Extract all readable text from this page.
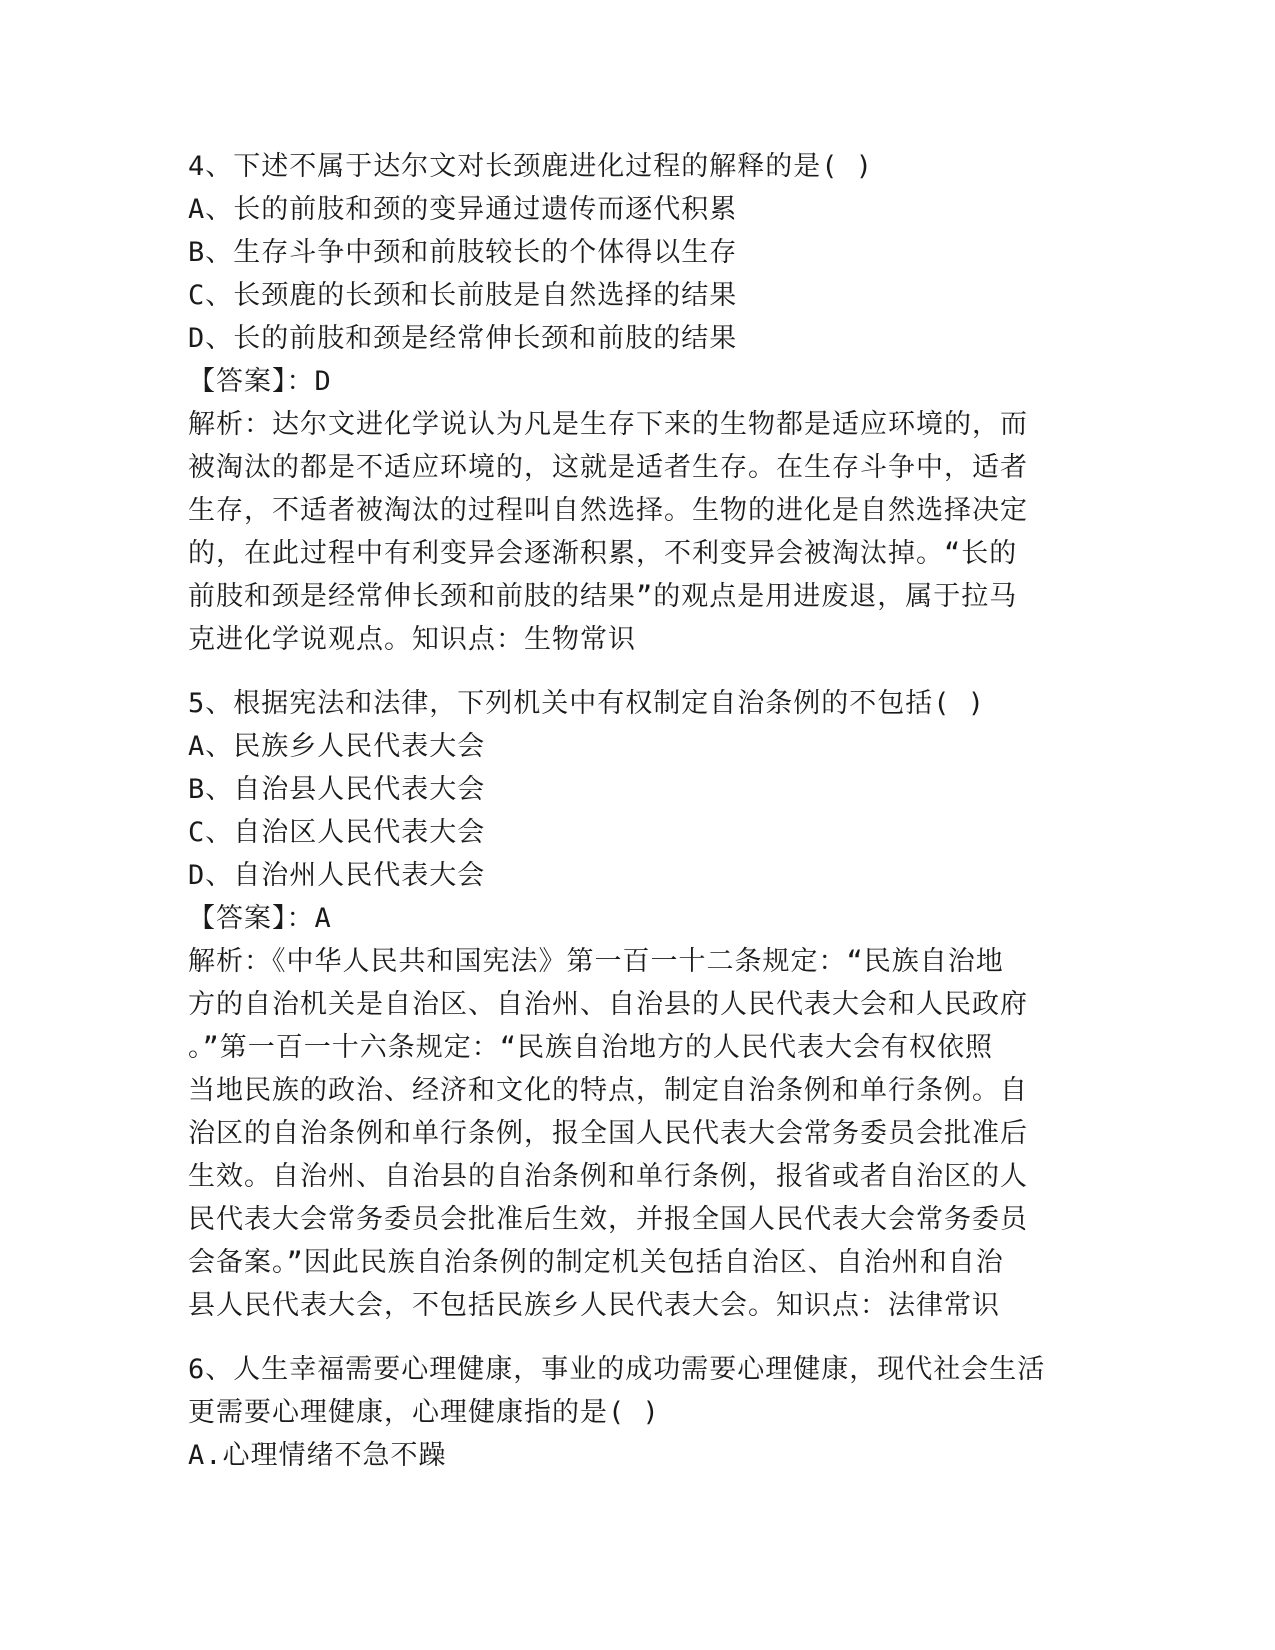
4、下述不属于达尔文对长颈鹿进化过程的解释的是( )
A、长的前肢和颈的变异通过遗传而逐代积累
B、生存斗争中颈和前肢较长的个体得以生存
C、长颈鹿的长颈和长前肢是自然选择的结果
D、长的前肢和颈是经常伸长颈和前肢的结果
【答案】：D
解析：达尔文进化学说认为凡是生存下来的生物都是适应环境的，而
被淘汰的都是不适应环境的，这就是适者生存。在生存斗争中，适者
生存，不适者被淘汰的过程叫自然选择。生物的进化是自然选择决定
的，在此过程中有利变异会逐渐积累，不利变异会被淘汰掉。“长的
前肢和颈是经常伸长颈和前肢的结果”的观点是用进废退，属于拉马
克进化学说观点。知识点：生物常识
5、根据宪法和法律，下列机关中有权制定自治条例的不包括( )
A、民族乡人民代表大会
B、自治县人民代表大会
C、自治区人民代表大会
D、自治州人民代表大会
【答案】：A
解析：《中华人民共和国宪法》第一百一十二条规定：“民族自治地
方的自治机关是自治区、自治州、自治县的人民代表大会和人民政府
。”第一百一十六条规定：“民族自治地方的人民代表大会有权依照
当地民族的政治、经济和文化的特点，制定自治条例和单行条例。自
治区的自治条例和单行条例，报全国人民代表大会常务委员会批准后
生效。自治州、自治县的自治条例和单行条例，报省或者自治区的人
民代表大会常务委员会批准后生效，并报全国人民代表大会常务委员
会备案。”因此民族自治条例的制定机关包括自治区、自治州和自治
县人民代表大会，不包括民族乡人民代表大会。知识点：法律常识
6、人生幸福需要心理健康，事业的成功需要心理健康，现代社会生活
更需要心理健康，心理健康指的是( )
A.心理情绪不急不躁
